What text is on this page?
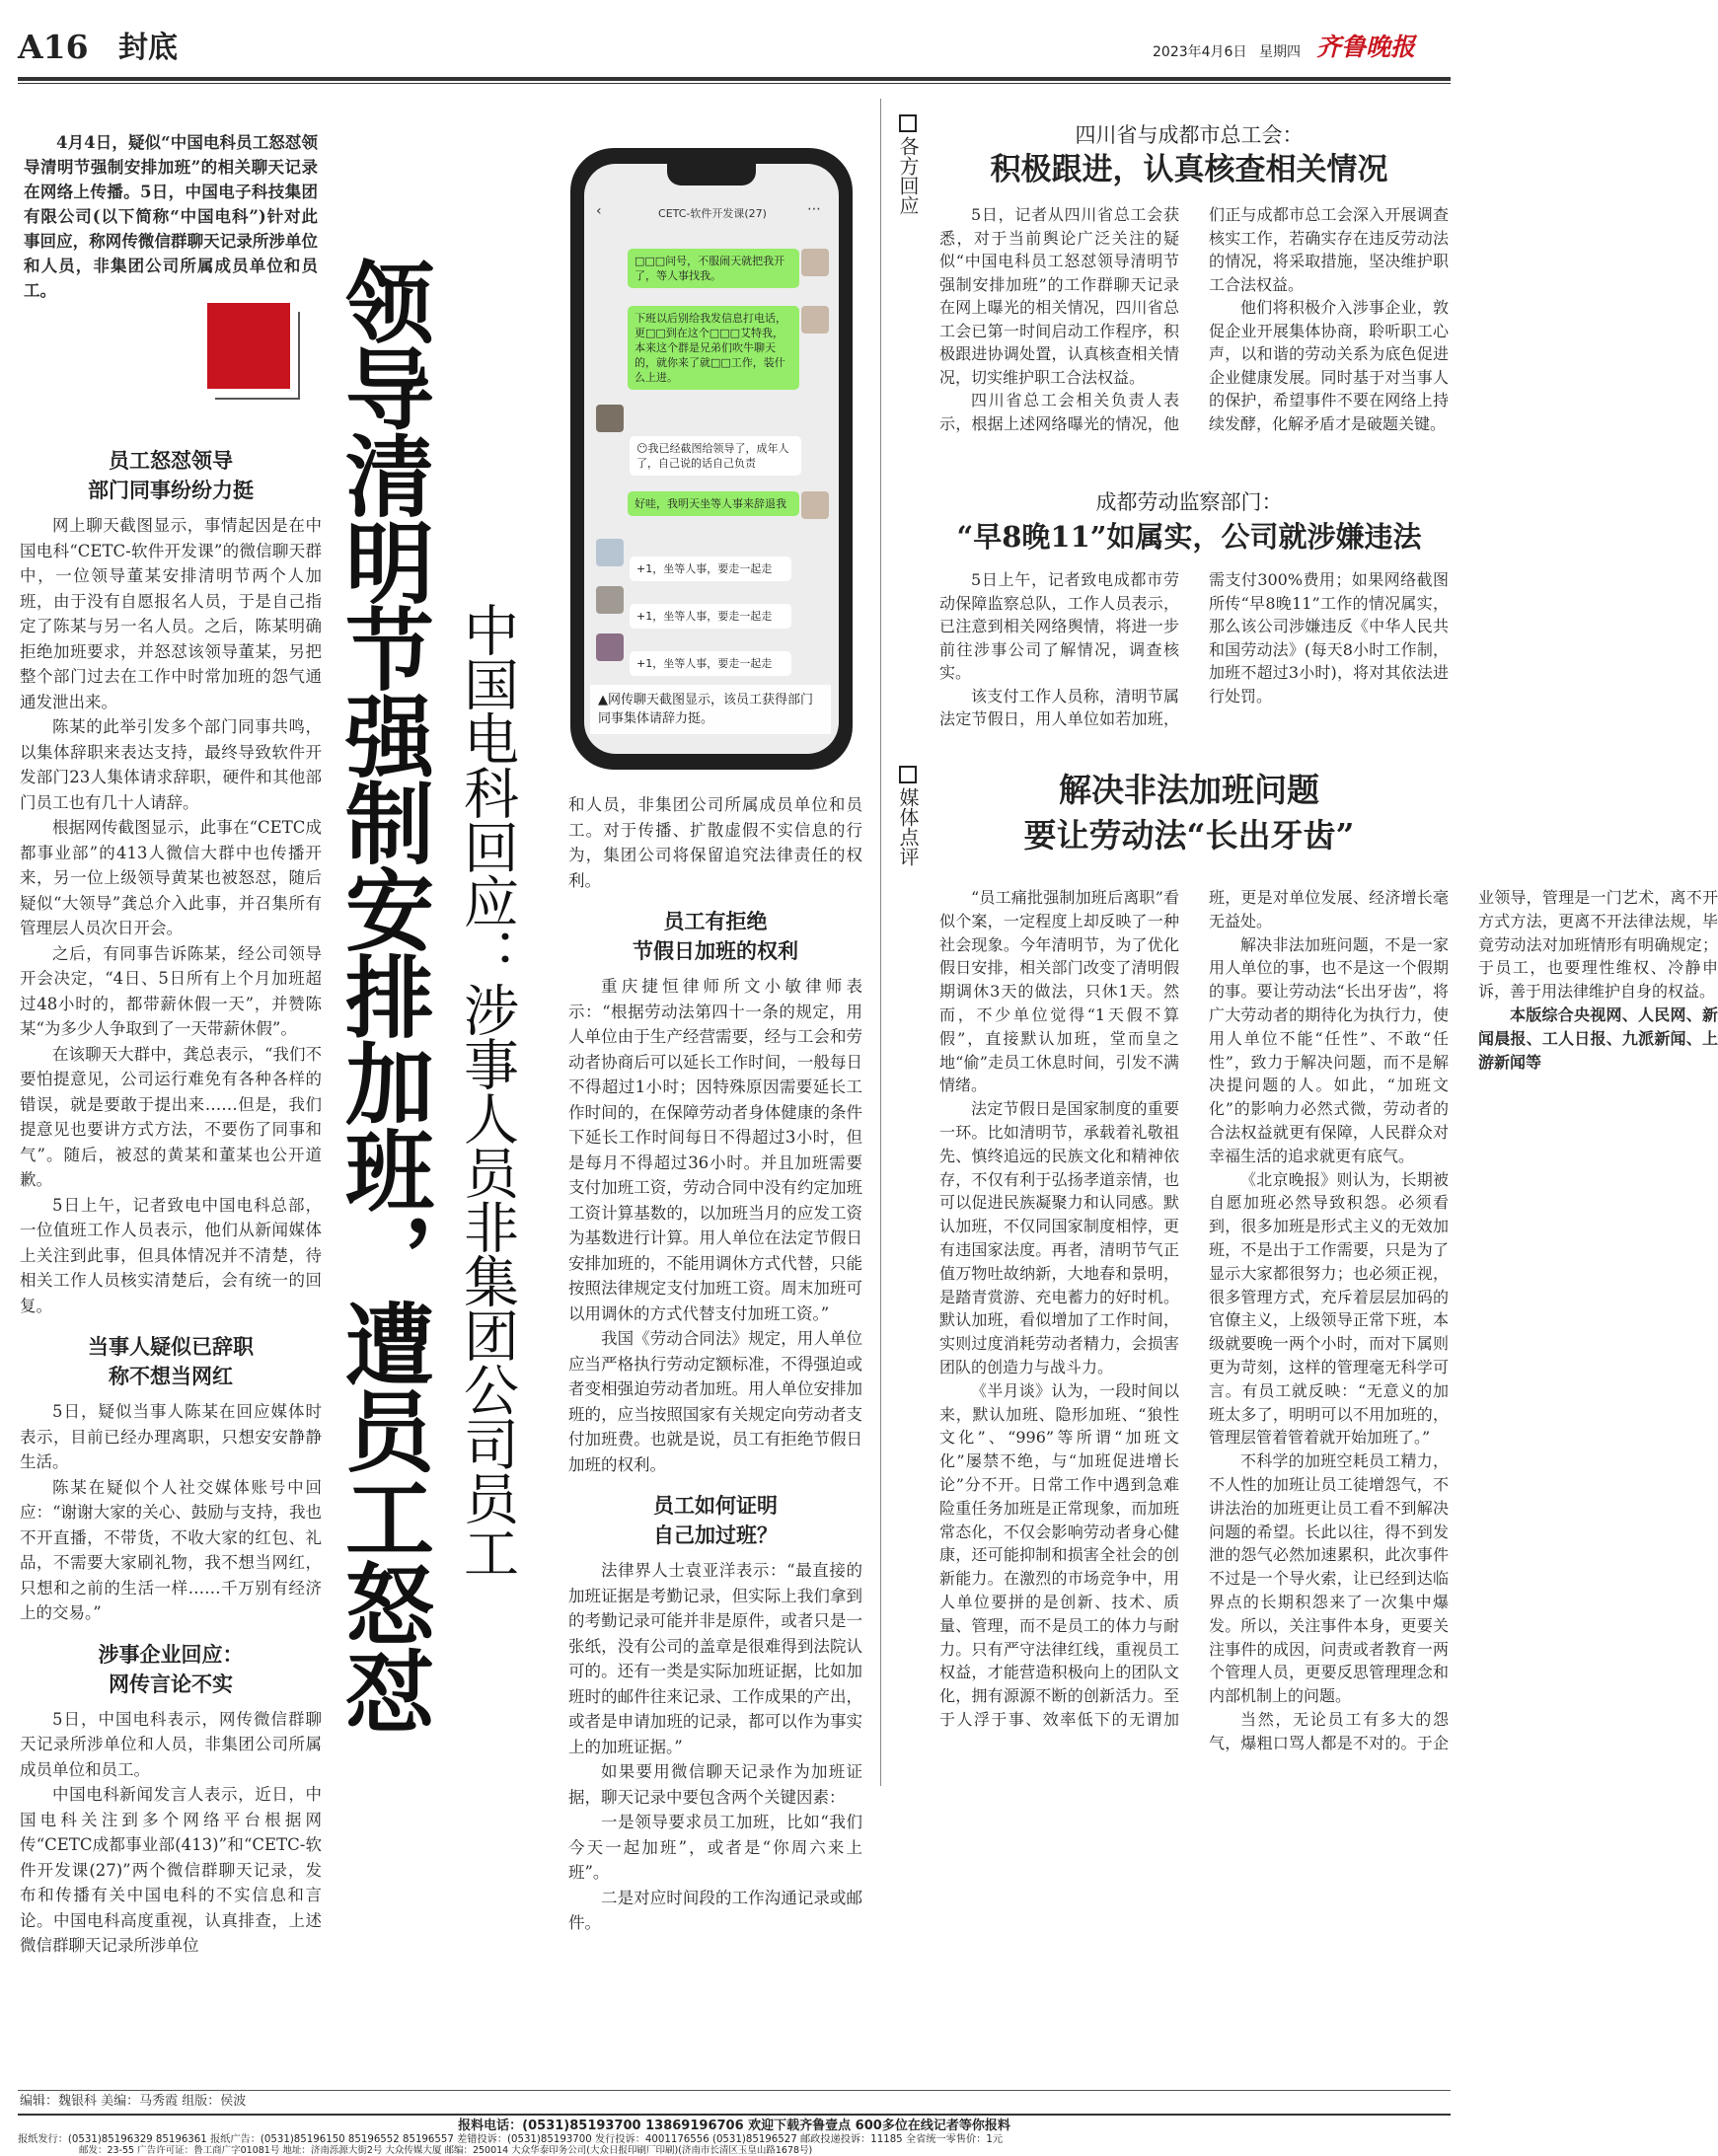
A16 封底	2023年4月6日 星期四 齐鲁晚报

4月4日，疑似“中国电科员工怒怼领导清明节强制安排加班”的相关聊天记录在网络上传播。5日，中国电子科技集团有限公司(以下简称“中国电科”)针对此事回应，称网传微信群聊天记录所涉单位和人员，非集团公司所属成员单位和员工。

员工怒怼领导
部门同事纷纷力挺

网上聊天截图显示，事情起因是在中国电科“CETC-软件开发课”的微信聊天群中，一位领导董某安排清明节两个人加班，由于没有自愿报名人员，于是自己指定了陈某与另一名人员。之后，陈某明确拒绝加班要求，并怒怼该领导董某，另把整个部门过去在工作中时常加班的怨气通通发泄出来。

陈某的此举引发多个部门同事共鸣，以集体辞职来表达支持，最终导致软件开发部门23人集体请求辞职，硬件和其他部门员工也有几十人请辞。

根据网传截图显示，此事在“CETC成都事业部”的413人微信大群中也传播开来，另一位上级领导黄某也被怒怼，随后疑似“大领导”龚总介入此事，并召集所有管理层人员次日开会。

之后，有同事告诉陈某，经公司领导开会决定，“4日、5日所有上个月加班超过48小时的，都带薪休假一天”，并赞陈某“为多少人争取到了一天带薪休假”。

在该聊天大群中，龚总表示，“我们不要怕提意见，公司运行难免有各种各样的错误，就是要敢于提出来……但是，我们提意见也要讲方式方法，不要伤了同事和气”。随后，被怼的黄某和董某也公开道歉。

5日上午，记者致电中国电科总部，一位值班工作人员表示，他们从新闻媒体上关注到此事，但具体情况并不清楚，待相关工作人员核实清楚后，会有统一的回复。

当事人疑似已辞职
称不想当网红

5日，疑似当事人陈某在回应媒体时表示，目前已经办理离职，只想安安静静生活。

陈某在疑似个人社交媒体账号中回应：“谢谢大家的关心、鼓励与支持，我也不开直播，不带货，不收大家的红包、礼品，不需要大家刷礼物，我不想当网红，只想和之前的生活一样……千万别有经济上的交易。”

涉事企业回应：
网传言论不实

5日，中国电科表示，网传微信群聊天记录所涉单位和人员，非集团公司所属成员单位和员工。

中国电科新闻发言人表示，近日，中国电科关注到多个网络平台根据网传“CETC成都事业部(413)”和“CETC-软件开发课(27)”两个微信群聊天记录，发布和传播有关中国电科的不实信息和言论。中国电科高度重视，认真排查，上述微信群聊天记录所涉单位

领导清明节强制安排加班，遭员工怒怼 中国电科回应：涉事人员非集团公司员工
‹	CETC-软件开发课(27)	⋯
□□□问号，不服闹天就把我开了，等人事找我。
下班以后别给我发信息打电话，更□□到在这个□□□艾特我，本来这个群是兄弟们吹牛聊天的，就你来了就□□工作，装什么上进。
😶我已经截图给领导了，成年人了，自己说的话自己负责
好哇，我明天坐等人事来辞退我
+1，坐等人事，要走一起走
+1，坐等人事，要走一起走
+1，坐等人事，要走一起走
▲网传聊天截图显示，该员工获得部门同事集体请辞力挺。

和人员，非集团公司所属成员单位和员工。对于传播、扩散虚假不实信息的行为，集团公司将保留追究法律责任的权利。

员工有拒绝
节假日加班的权利

重庆捷恒律师所文小敏律师表示：“根据劳动法第四十一条的规定，用人单位由于生产经营需要，经与工会和劳动者协商后可以延长工作时间，一般每日不得超过1小时；因特殊原因需要延长工作时间的，在保障劳动者身体健康的条件下延长工作时间每日不得超过3小时，但是每月不得超过36小时。并且加班需要支付加班工资，劳动合同中没有约定加班工资计算基数的，以加班当月的应发工资为基数进行计算。用人单位在法定节假日安排加班的，不能用调休方式代替，只能按照法律规定支付加班工资。周末加班可以用调休的方式代替支付加班工资。”

我国《劳动合同法》规定，用人单位应当严格执行劳动定额标准，不得强迫或者变相强迫劳动者加班。用人单位安排加班的，应当按照国家有关规定向劳动者支付加班费。也就是说，员工有拒绝节假日加班的权利。

员工如何证明
自己加过班？

法律界人士袁亚洋表示：“最直接的加班证据是考勤记录，但实际上我们拿到的考勤记录可能并非是原件，或者只是一张纸，没有公司的盖章是很难得到法院认可的。还有一类是实际加班证据，比如加班时的邮件往来记录、工作成果的产出，或者是申请加班的记录，都可以作为事实上的加班证据。”

如果要用微信聊天记录作为加班证据，聊天记录中要包含两个关键因素：

一是领导要求员工加班，比如“我们今天一起加班”，或者是“你周六来上班”。

二是对应时间段的工作沟通记录或邮件。

各方回应
四川省与成都市总工会：
积极跟进，认真核查相关情况

5日，记者从四川省总工会获悉，对于当前舆论广泛关注的疑似“中国电科员工怒怼领导清明节强制安排加班”的工作群聊天记录在网上曝光的相关情况，四川省总工会已第一时间启动工作程序，积极跟进协调处置，认真核查相关情况，切实维护职工合法权益。

四川省总工会相关负责人表示，根据上述网络曝光的情况，他们正与成都市总工会深入开展调查核实工作，若确实存在违反劳动法的情况，将采取措施，坚决维护职工合法权益。

他们将积极介入涉事企业，敦促企业开展集体协商，聆听职工心声，以和谐的劳动关系为底色促进企业健康发展。同时基于对当事人的保护，希望事件不要在网络上持续发酵，化解矛盾才是破题关键。

成都劳动监察部门：
“早8晚11”如属实，公司就涉嫌违法

5日上午，记者致电成都市劳动保障监察总队，工作人员表示，已注意到相关网络舆情，将进一步前往涉事公司了解情况，调查核实。

该支付工作人员称，清明节属法定节假日，用人单位如若加班，需支付300%费用；如果网络截图所传“早8晚11”工作的情况属实，那么该公司涉嫌违反《中华人民共和国劳动法》(每天8小时工作制，加班不超过3小时)，将对其依法进行处罚。

媒体点评	解决非法加班问题
要让劳动法“长出牙齿”

“员工痛批强制加班后离职”看似个案，一定程度上却反映了一种社会现象。今年清明节，为了优化假日安排，相关部门改变了清明假期调休3天的做法，只休1天。然而，不少单位觉得“1天假不算假”，直接默认加班，堂而皇之地“偷”走员工休息时间，引发不满情绪。

法定节假日是国家制度的重要一环。比如清明节，承载着礼敬祖先、慎终追远的民族文化和精神依存，不仅有利于弘扬孝道亲情，也可以促进民族凝聚力和认同感。默认加班，不仅同国家制度相悖，更有违国家法度。再者，清明节气正值万物吐故纳新，大地春和景明，是踏青赏游、充电蓄力的好时机。默认加班，看似增加了工作时间，实则过度消耗劳动者精力，会损害团队的创造力与战斗力。

《半月谈》认为，一段时间以来，默认加班、隐形加班、“狼性文化”、“996”等所谓“加班文化”屡禁不绝，与“加班促进增长论”分不开。日常工作中遇到急难险重任务加班是正常现象，而加班常态化，不仅会影响劳动者身心健康，还可能抑制和损害全社会的创新能力。在激烈的市场竞争中，用人单位要拼的是创新、技术、质量、管理，而不是员工的体力与耐力。只有严守法律红线，重视员工权益，才能营造积极向上的团队文化，拥有源源不断的创新活力。至于人浮于事、效率低下的无谓加班，更是对单位发展、经济增长毫无益处。

解决非法加班问题，不是一家用人单位的事，也不是这一个假期的事。要让劳动法“长出牙齿”，将广大劳动者的期待化为执行力，使用人单位不能“任性”、不敢“任性”，致力于解决问题，而不是解决提问题的人。如此，“加班文化”的影响力必然式微，劳动者的合法权益就更有保障，人民群众对幸福生活的追求就更有底气。

《北京晚报》则认为，长期被自愿加班必然导致积怨。必须看到，很多加班是形式主义的无效加班，不是出于工作需要，只是为了显示大家都很努力；也必须正视，很多管理方式，充斥着层层加码的官僚主义，上级领导正常下班，本级就要晚一两个小时，而对下属则更为苛刻，这样的管理毫无科学可言。有员工就反映：“无意义的加班太多了，明明可以不用加班的，管理层管着管着就开始加班了。”

不科学的加班空耗员工精力，不人性的加班让员工徒增怨气，不讲法治的加班更让员工看不到解决问题的希望。长此以往，得不到发泄的怨气必然加速累积，此次事件不过是一个导火索，让已经到达临界点的长期积怨来了一次集中爆发。所以，关注事件本身，更要关注事件的成因，问责或者教育一两个管理人员，更要反思管理理念和内部机制上的问题。

当然，无论员工有多大的怨气，爆粗口骂人都是不对的。于企业领导，管理是一门艺术，离不开方式方法，更离不开法律法规，毕竟劳动法对加班情形有明确规定；于员工，也要理性维权、冷静申诉，善于用法律维护自身的权益。

本版综合央视网、人民网、新闻晨报、工人日报、九派新闻、上游新闻等

编辑：魏银科 美编：马秀霞 组版：侯波
报料电话：(0531)85193700 13869196706 欢迎下载齐鲁壹点 600多位在线记者等你报料
报纸发行：(0531)85196329 85196361 报纸广告：(0531)85196150 85196552 85196557 差错投诉：(0531)85193700 发行投诉：4001176556 (0531)85196527 邮政投递投诉：11185 全省统一零售价：1元
邮发：23-55 广告许可证：鲁工商广字01081号 地址：济南泺源大街2号 大众传媒大厦 邮编：250014 大众华泰印务公司(大众日报印刷厂印刷)(济南市长清区玉皇山路1678号)
